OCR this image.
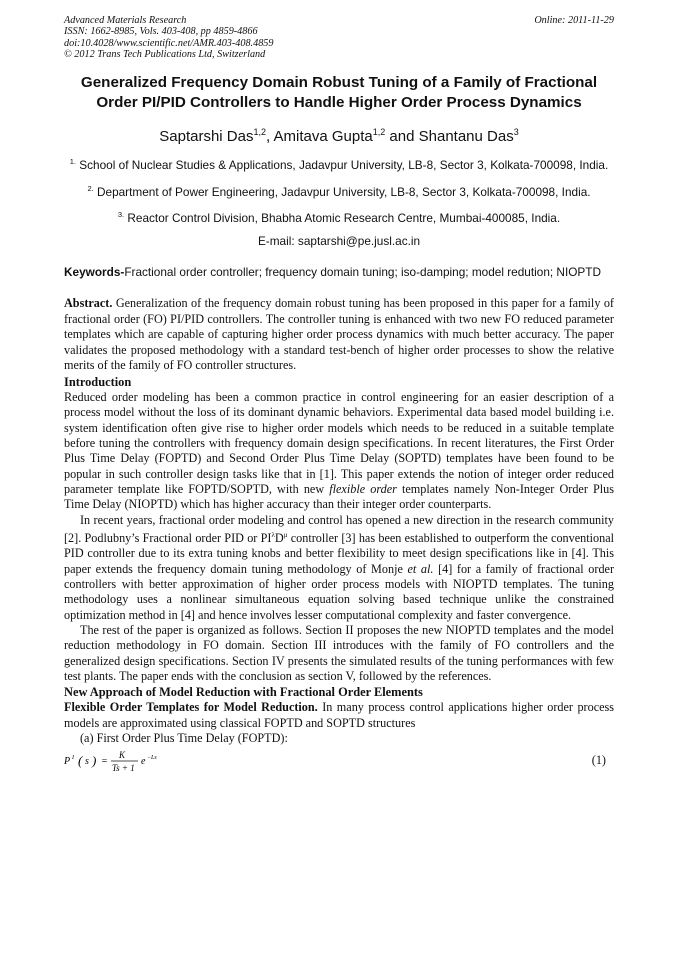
Advanced Materials Research
ISSN: 1662-8985, Vols. 403-408, pp 4859-4866
doi:10.4028/www.scientific.net/AMR.403-408.4859
© 2012 Trans Tech Publications Ltd, Switzerland
Online: 2011-11-29
Generalized Frequency Domain Robust Tuning of a Family of Fractional Order PI/PID Controllers to Handle Higher Order Process Dynamics
Saptarshi Das$^{1,2}$, Amitava Gupta$^{1,2}$ and Shantanu Das$^3$
$^{1.}$ School of Nuclear Studies & Applications, Jadavpur University, LB-8, Sector 3, Kolkata-700098, India.
$^{2.}$ Department of Power Engineering, Jadavpur University, LB-8, Sector 3, Kolkata-700098, India.
$^{3.}$ Reactor Control Division, Bhabha Atomic Research Centre, Mumbai-400085, India.
E-mail: saptarshi@pe.jusl.ac.in
Keywords-Fractional order controller; frequency domain tuning; iso-damping; model redution; NIOPTD
Abstract. Generalization of the frequency domain robust tuning has been proposed in this paper for a family of fractional order (FO) PI/PID controllers. The controller tuning is enhanced with two new FO reduced parameter templates which are capable of capturing higher order process dynamics with much better accuracy. The paper validates the proposed methodology with a standard test-bench of higher order processes to show the relative merits of the family of FO controller structures.
Introduction

Reduced order modeling has been a common practice in control engineering for an easier description of a process model without the loss of its dominant dynamic behaviors. Experimental data based model building i.e. system identification often give rise to higher order models which needs to be reduced in a suitable template before tuning the controllers with frequency domain design specifications. In recent literatures, the First Order Plus Time Delay (FOPTD) and Second Order Plus Time Delay (SOPTD) templates have been found to be popular in such controller design tasks like that in [1]. This paper extends the notion of integer order reduced parameter template like FOPTD/SOPTD, with new flexible order templates namely Non-Integer Order Plus Time Delay (NIOPTD) which has higher accuracy than their integer order counterparts.

In recent years, fractional order modeling and control has opened a new direction in the research community [2]. Podlubny’s Fractional order PID or $PI^\lambda D^\mu$ controller [3] has been established to outperform the conventional PID controller due to its extra tuning knobs and better flexibility to meet design specifications like in [4]. This paper extends the frequency domain tuning methodology of Monje et al. [4] for a family of fractional order controllers with better approximation of higher order process models with NIOPTD templates. The tuning methodology uses a nonlinear simultaneous equation solving based technique unlike the constrained optimization method in [4] and hence involves lesser computational complexity and faster convergence.

The rest of the paper is organized as follows. Section II proposes the new NIOPTD templates and the model reduction methodology in FO domain. Section III introduces with the family of FO controllers and the generalized design specifications. Section IV presents the simulated results of the tuning performances with few test plants. The paper ends with the conclusion as section V, followed by the references.

New Approach of Model Reduction with Fractional Order Elements

Flexible Order Templates for Model Reduction. In many process control applications higher order process models are approximated using classical FOPTD and SOPTD structures

(a) First Order Plus Time Delay (FOPTD):

P I ( s ) =
K
Ts + 1
e −Ls	(1)
